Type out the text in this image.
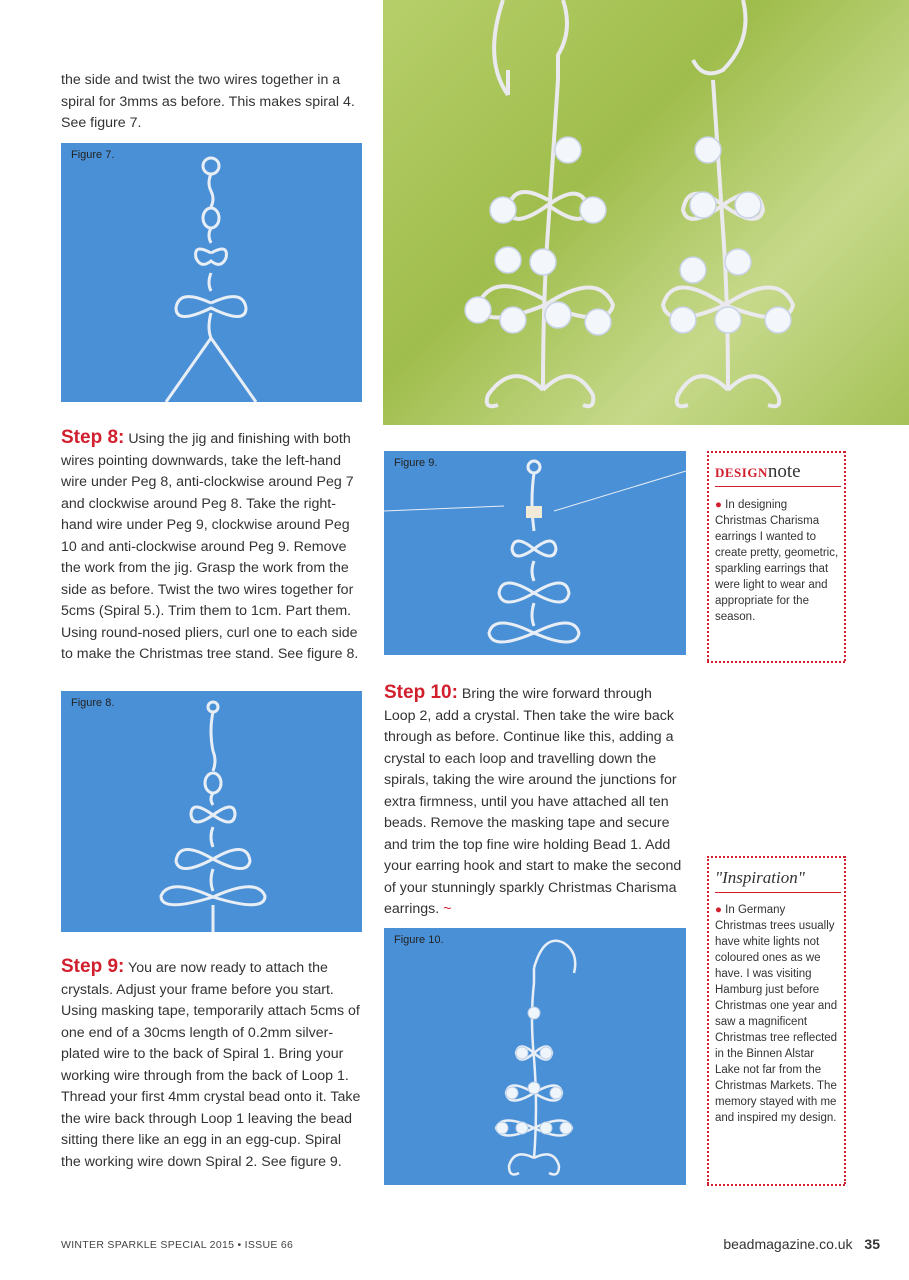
the side and twist the two wires together in a spiral for 3mms as before. This makes spiral 4. See figure 7.
Figure 7.
Step 8: Using the jig and finishing with both wires pointing downwards, take the left-hand wire under Peg 8, anti-clockwise around Peg 7 and clockwise around Peg 8. Take the right-hand wire under Peg 9, clockwise around Peg 10 and anti-clockwise around Peg 9. Remove the work from the jig. Grasp the work from the side as before. Twist the two wires together for 5cms (Spiral 5.). Trim them to 1cm. Part them. Using round-nosed pliers, curl one to each side to make the Christmas tree stand. See figure 8.
Figure 8.
Step 9: You are now ready to attach the crystals. Adjust your frame before you start. Using masking tape, temporarily attach 5cms of one end of a 30cms length of 0.2mm silver-plated wire to the back of Spiral 1. Bring your working wire through from the back of Loop 1. Thread your first 4mm crystal bead onto it. Take the wire back through Loop 1 leaving the bead sitting there like an egg in an egg-cup. Spiral the working wire down Spiral 2. See figure 9.
Figure 9.
Step 10: Bring the wire forward through Loop 2, add a crystal. Then take the wire back through as before. Continue like this, adding a crystal to each loop and travelling down the spirals, taking the wire around the junctions for extra firmness, until you have attached all ten beads. Remove the masking tape and secure and trim the top fine wire holding Bead 1. Add your earring hook and start to make the second of your stunningly sparkly Christmas Charisma earrings. ~
Figure 10.
DESIGNnote
● In designing Christmas Charisma earrings I wanted to create pretty, geometric, sparkling earrings that were light to wear and appropriate for the season.
"Inspiration"
● In Germany Christmas trees usually have white lights not coloured ones as we have. I was visiting Hamburg just before Christmas one year and saw a magnificent Christmas tree reflected in the Binnen Alstar Lake not far from the Christmas Markets. The memory stayed with me and inspired my design.
WINTER SPARKLE SPECIAL 2015 • ISSUE 66	beadmagazine.co.uk 35
